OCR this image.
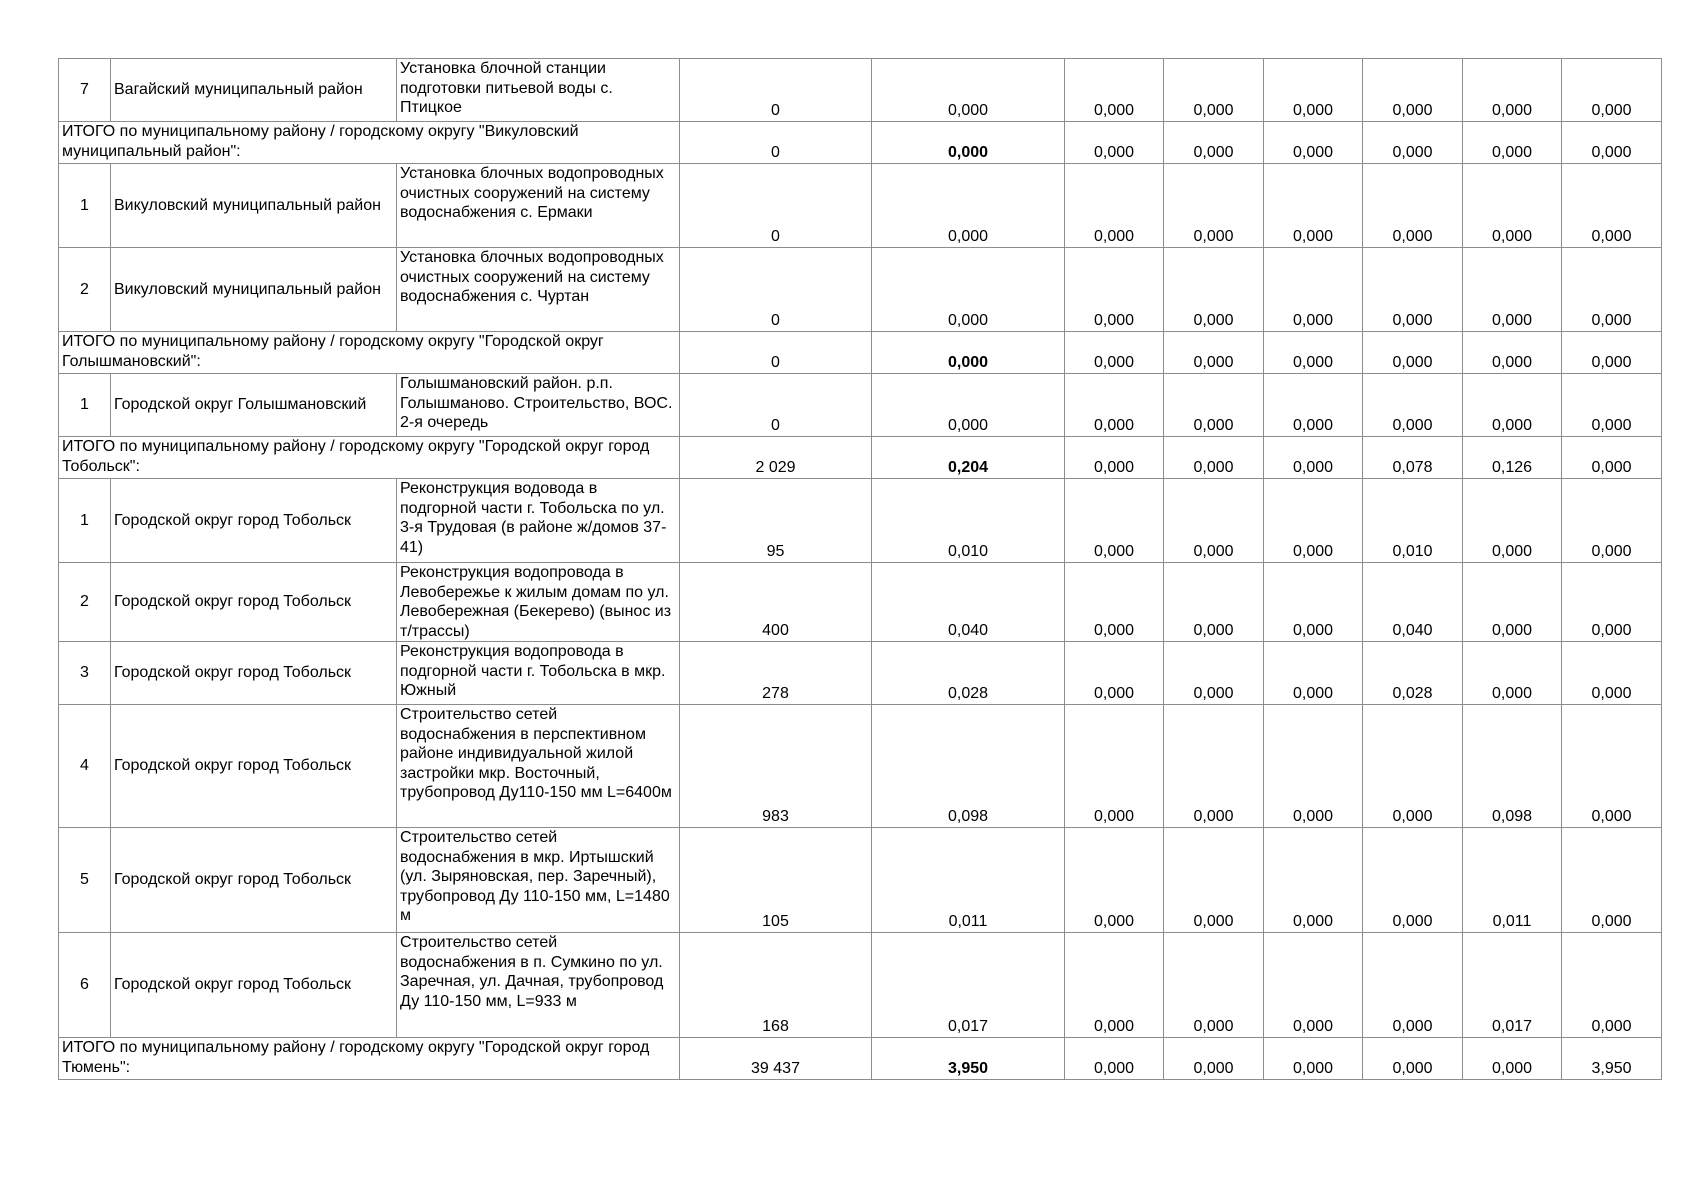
7	Вагайский муниципальный район	Установка блочной станции подготовки питьевой воды с. Птицкое	0	0,000	0,000	0,000	0,000	0,000	0,000	0,000
ИТОГО по муниципальному району / городскому округу "Викуловский муниципальный район":			0	0,000	0,000	0,000	0,000	0,000	0,000	0,000
1	Викуловский муниципальный район	Установка блочных водопроводных очистных сооружений на систему водоснабжения с. Ермаки	0	0,000	0,000	0,000	0,000	0,000	0,000	0,000
2	Викуловский муниципальный район	Установка блочных водопроводных очистных сооружений на систему водоснабжения с. Чуртан	0	0,000	0,000	0,000	0,000	0,000	0,000	0,000
ИТОГО по муниципальному району / городскому округу "Городской округ Голышмановский":			0	0,000	0,000	0,000	0,000	0,000	0,000	0,000
1	Городской округ Голышмановский	Голышмановский район. р.п. Голышманово. Строительство, ВОС. 2-я очередь	0	0,000	0,000	0,000	0,000	0,000	0,000	0,000
ИТОГО по муниципальному району / городскому округу "Городской округ город Тобольск":			2 029	0,204	0,000	0,000	0,000	0,078	0,126	0,000
1	Городской округ город Тобольск	Реконструкция водовода в подгорной части г. Тобольска по ул. 3-я Трудовая (в районе ж/домов 37-41)	95	0,010	0,000	0,000	0,000	0,010	0,000	0,000
2	Городской округ город Тобольск	Реконструкция водопровода в Левобережье к жилым домам по ул. Левобережная (Бекерево) (вынос из т/трассы)	400	0,040	0,000	0,000	0,000	0,040	0,000	0,000
3	Городской округ город Тобольск	Реконструкция водопровода в подгорной части г. Тобольска в мкр. Южный	278	0,028	0,000	0,000	0,000	0,028	0,000	0,000
4	Городской округ город Тобольск	Строительство сетей водоснабжения в перспективном районе индивидуальной жилой застройки мкр. Восточный, трубопровод Ду110-150 мм L=6400м	983	0,098	0,000	0,000	0,000	0,000	0,098	0,000
5	Городской округ город Тобольск	Строительство сетей водоснабжения в мкр. Иртышский (ул. Зыряновская, пер. Заречный), трубопровод Ду 110-150 мм, L=1480 м	105	0,011	0,000	0,000	0,000	0,000	0,011	0,000
6	Городской округ город Тобольск	Строительство сетей водоснабжения в п. Сумкино по ул. Заречная, ул. Дачная, трубопровод Ду 110-150 мм, L=933 м	168	0,017	0,000	0,000	0,000	0,000	0,017	0,000
ИТОГО по муниципальному району / городскому округу "Городской округ город Тюмень":			39 437	3,950	0,000	0,000	0,000	0,000	0,000	3,950
